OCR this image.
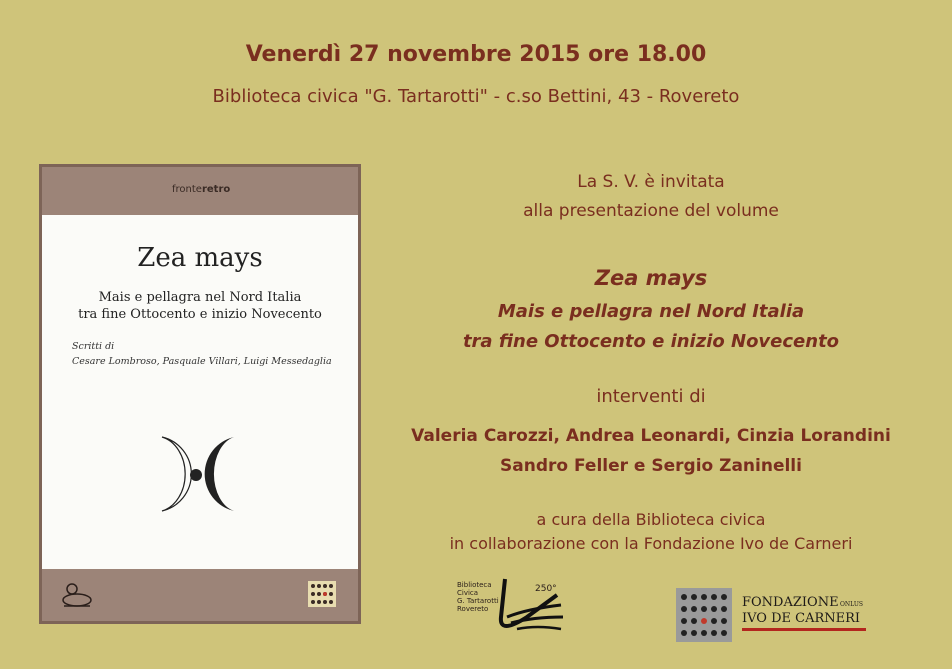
Venerdì 27 novembre 2015 ore 18.00
Biblioteca civica "G. Tartarotti" - c.so Bettini, 43 - Rovereto
fronteretro
Zea mays
Mais e pellagra nel Nord Italia
tra fine Ottocento e inizio Novecento
Scritti di
Cesare Lombroso, Pasquale Villari, Luigi Messedaglia
La S. V. è invitata
alla presentazione del volume
Zea mays
Mais e pellagra nel Nord Italia
tra fine Ottocento e inizio Novecento
interventi di
Valeria Carozzi, Andrea Leonardi, Cinzia Lorandini
Sandro Feller e Sergio Zaninelli
a cura della Biblioteca civica
in collaborazione con la Fondazione Ivo de Carneri
Biblioteca
Civica
G. Tartarotti
Rovereto
250°
FONDAZIONE ONLUS
IVO DE CARNERI
